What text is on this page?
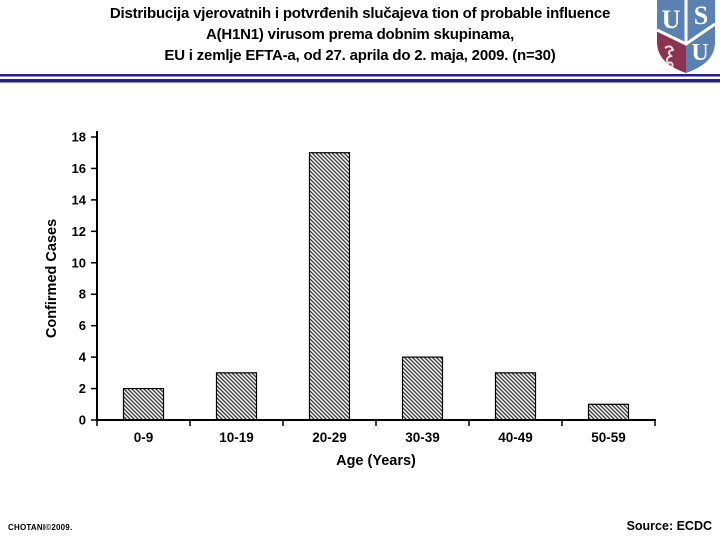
Distribucija vjerovatnih i potvrđenih slučajeva tion of probable influence
A(H1N1) virusom prema dobnim skupinama,
EU i zemlje EFTA-a, od 27. aprila do 2. maja, 2009. (n=30)
U S
U
0
2
4
6
8
10
12
14
16
18
0-9	10-19	20-29	30-39	40-49	50-59
Age (Years)
Confirmed Cases
CHOTANI©2009.	Source: ECDC
